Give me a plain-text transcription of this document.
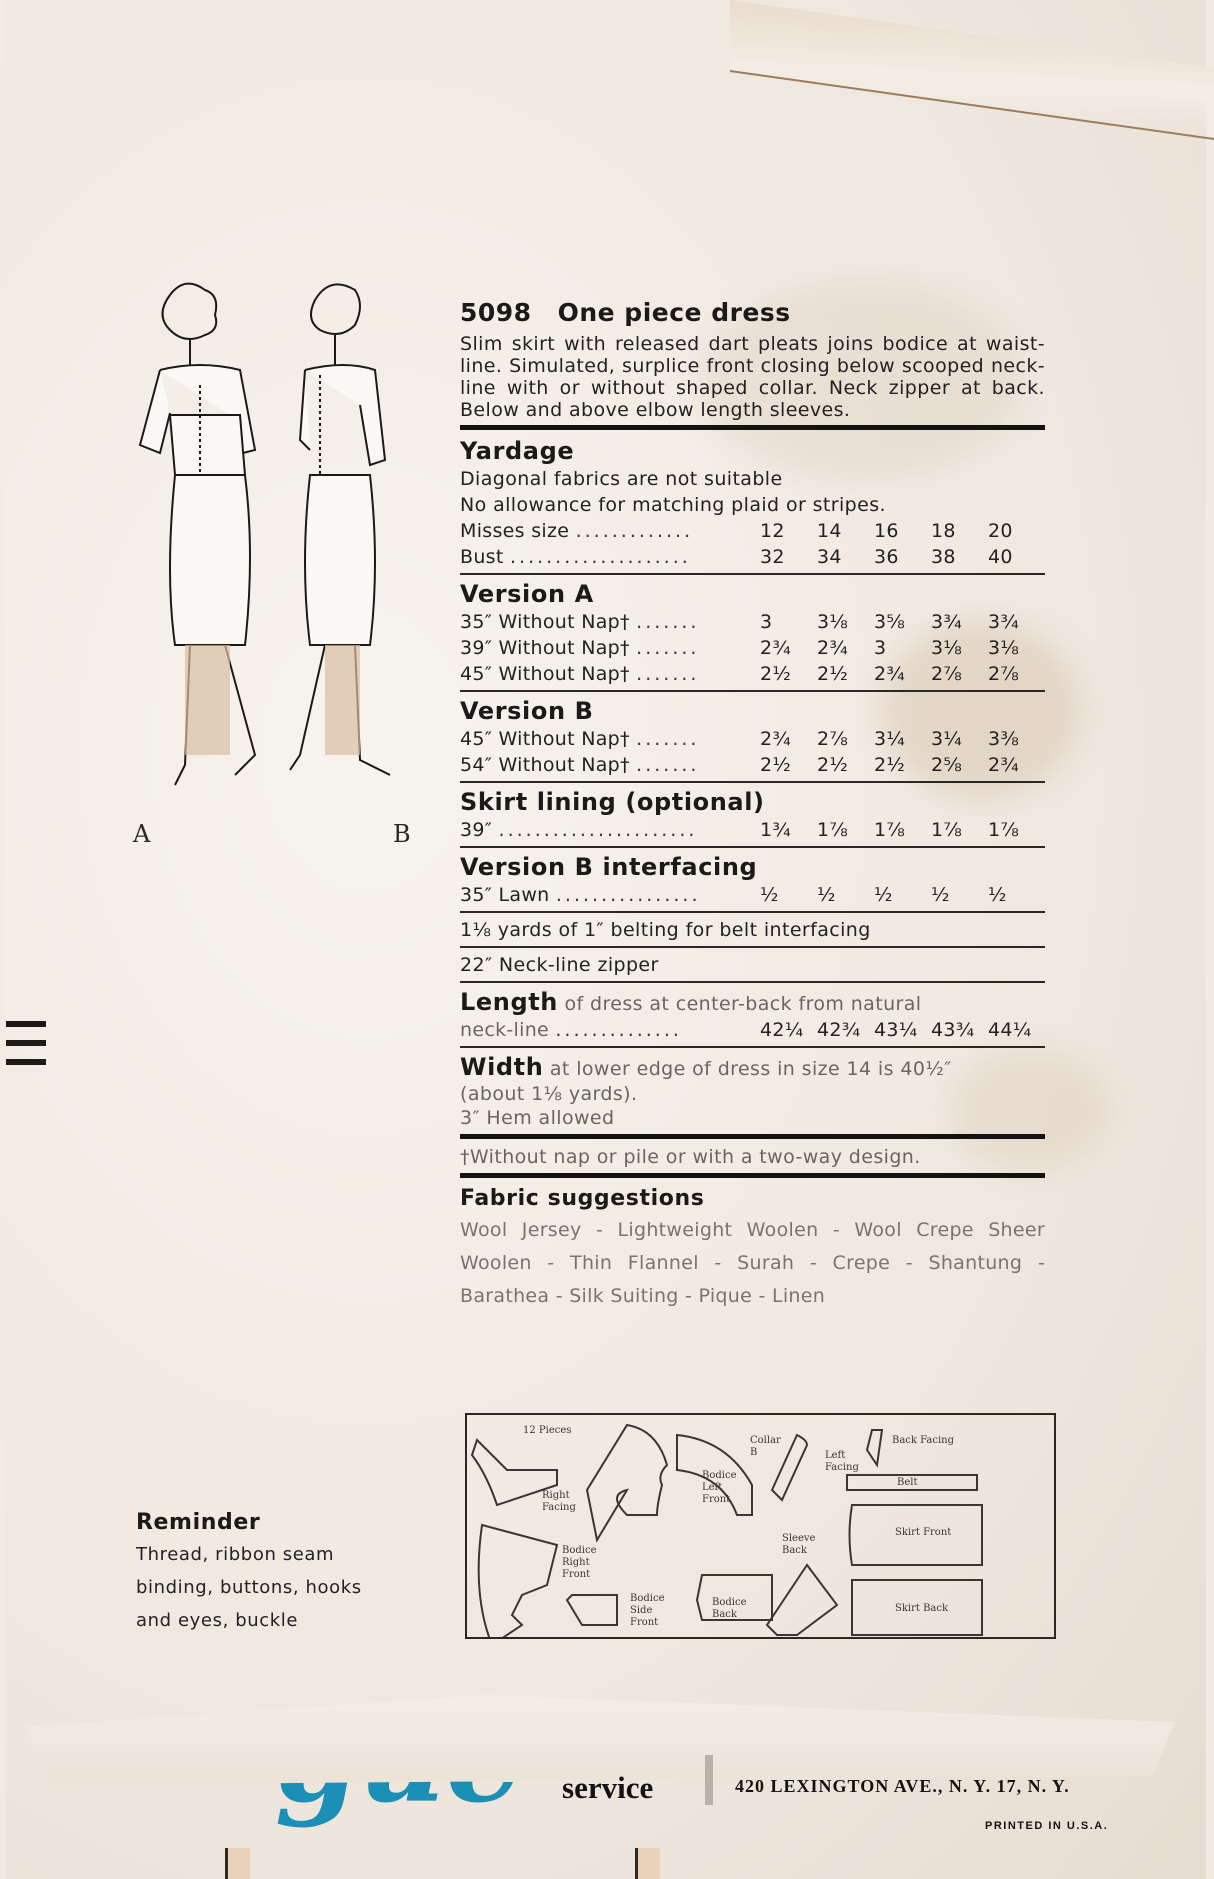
A	B
5098 One piece dress
Slim skirt with released dart pleats joins bodice at waist-line. Simulated, surplice front closing below scooped neck-line with or without shaped collar. Neck zipper at back. Below and above elbow length sleeves.
Yardage
Diagonal fabrics are not suitable
No allowance for matching plaid or stripes.
Misses size .............	12	14	16	18	20
Bust ....................	32	34	36	38	40
Version A
35″ Without Nap† .......	3	3⅛	3⅝	3¾	3¾
39″ Without Nap† .......	2¾	2¾	3	3⅛	3⅛
45″ Without Nap† .......	2½	2½	2¾	2⅞	2⅞
Version B
45″ Without Nap† .......	2¾	2⅞	3¼	3¼	3⅜
54″ Without Nap† .......	2½	2½	2½	2⅝	2¾
Skirt lining (optional)
39″ ......................	1¾	1⅞	1⅞	1⅞	1⅞
Version B interfacing
35″ Lawn ................	½	½	½	½	½
1⅛ yards of 1″ belting for belt interfacing
22″ Neck-line zipper
Length of dress at center-back from natural
neck-line ..............	42¼ 42¾ 43¼ 43¾ 44¼
Width at lower edge of dress in size 14 is 40½″
(about 1⅛ yards).
3″ Hem allowed
†Without nap or pile or with a two-way design.
Fabric suggestions
Wool Jersey - Lightweight Woolen - Wool Crepe Sheer Woolen - Thin Flannel - Surah - Crepe - Shantung - Barathea - Silk Suiting - Pique - Linen
12 Pieces
Right Facing
Bodice Left Front
Collar B	Left Facing
Back Facing
Belt
Skirt Front
Bodice Right Front
Bodice Side Front
Bodice Back
Sleeve Back
Skirt Back
Reminder
Thread, ribbon seam binding, buttons, hooks and eyes, buckle
service	420 LEXINGTON AVE., N. Y. 17, N. Y.
PRINTED IN U.S.A.
